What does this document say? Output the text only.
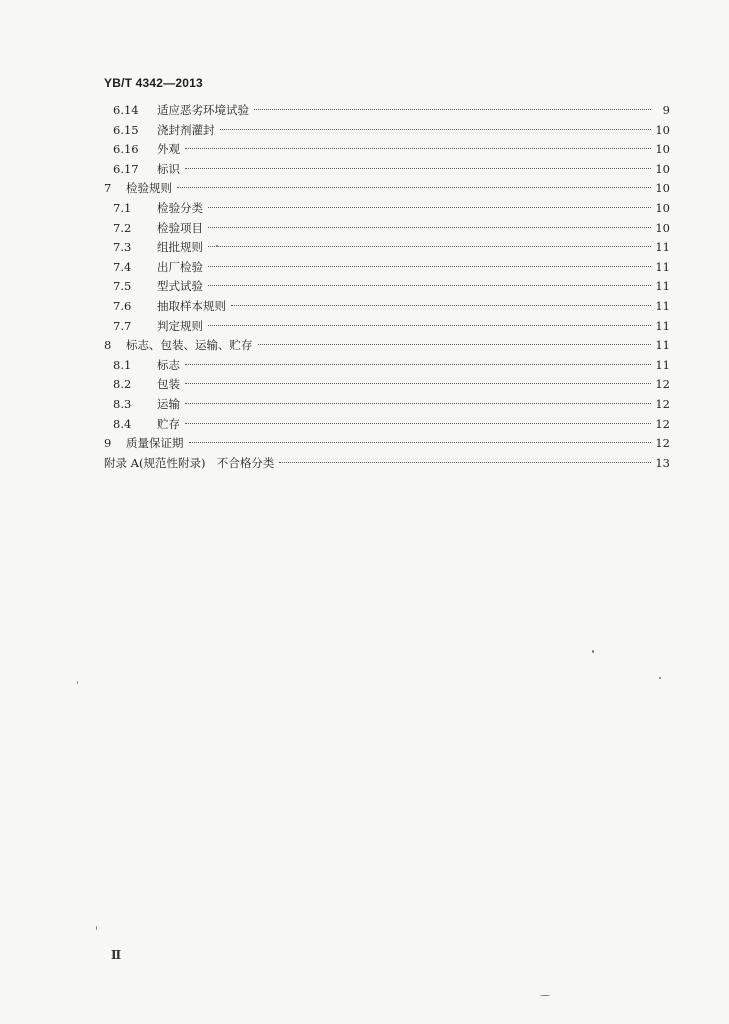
YB/T 4342—2013
6.14	适应恶劣环境试验	9
6.15	浇封剂灌封	10
6.16	外观	10
6.17	标识	10
7	检验规则	10
7.1	检验分类	10
7.2	检验项目	10
7.3	组批规则	11
7.4	出厂检验	11
7.5	型式试验	11
7.6	抽取样本规则	11
7.7	判定规则	11
8	标志、包装、运输、贮存	11
8.1	标志	11
8.2	包装	12
8.3	运输	12
8.4	贮存	12
9	质量保证期	12
附录 A(规范性附录)　不合格分类	13
Ⅱ
